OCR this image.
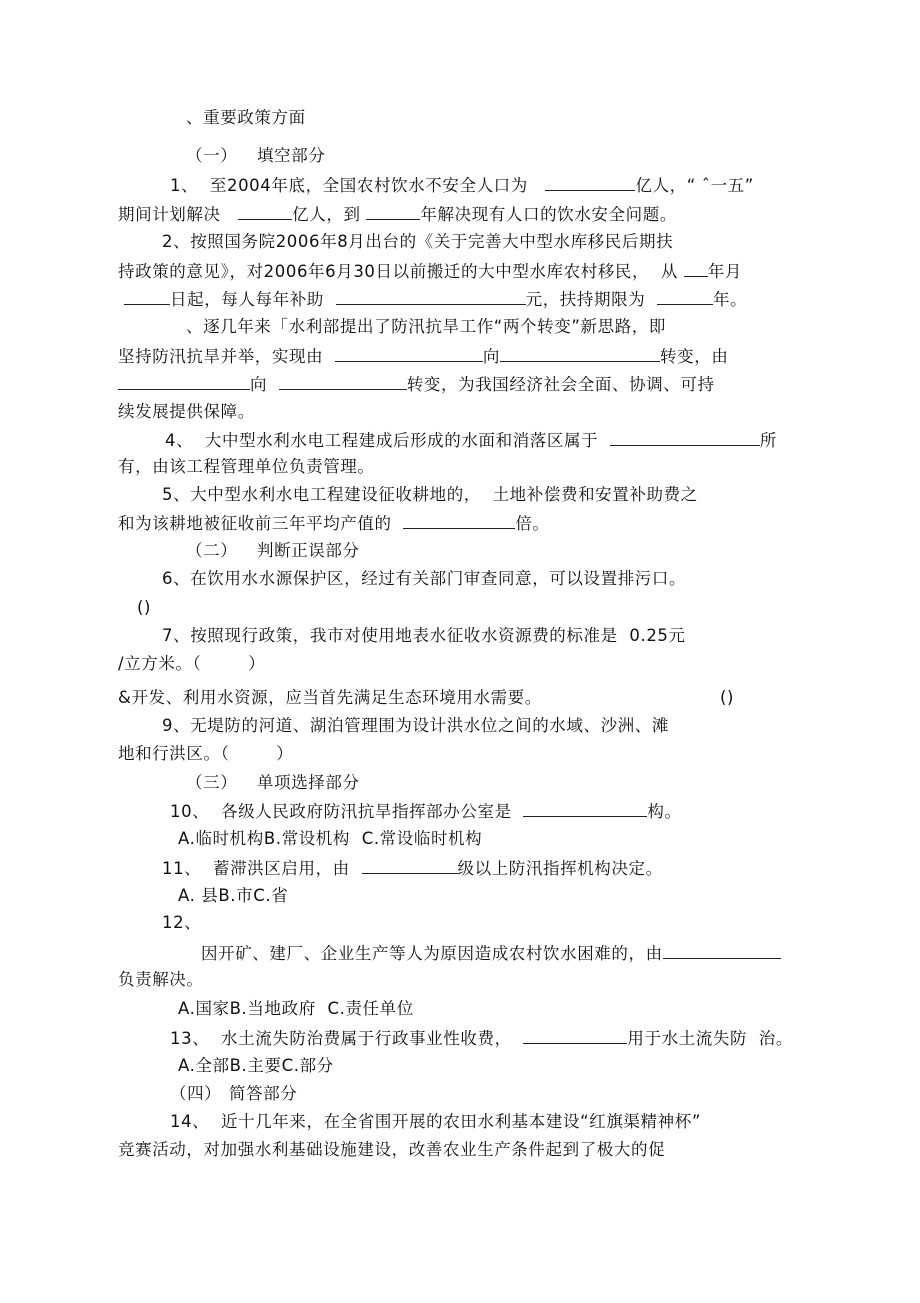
、重要政策方面
（一） 填空部分
1、  至2004年底，全国农村饮水不安全人口为	亿人，“ ˆ一五”
期间计划解决	亿人，到	年解决现有人口的饮水安全问题。
2、按照国务院2006年8月出台的《关于完善大中型水库移民后期扶
持政策的意见》，对2006年6月30日以前搬迁的大中型水库农村移民，  从 年月
日起，每人每年补助	元，扶持期限为	年。
、逐几年来「水利部提出了防汛抗旱工作“两个转变”新思路，即
坚持防汛抗旱并举，实现由	向	转变，由
向	转变，为我国经济社会全面、协调、可持
续发展提供保障。
4、  大中型水利水电工程建成后形成的水面和消落区属于	所
有，由该工程管理单位负责管理。
5、大中型水利水电工程建设征收耕地的，  土地补偿费和安置补助费之
和为该耕地被征收前三年平均产值的	倍。
（二） 判断正误部分
6、在饮用水水源保护区，经过有关部门审查同意，可以设置排污口。
()
7、按照现行政策，我市对使用地表水征收水资源费的标准是  0.25元
/立方米。（	）
&开发、利用水资源，应当首先满足生态环境用水需要。	()
9、无堤防的河道、湖泊管理围为设计洪水位之间的水域、沙洲、滩
地和行洪区。（	）
（三） 单项选择部分
10、  各级人民政府防汛抗旱指挥部办公室是	构。
A.临时机构B.常设机构  C.常设临时机构
11、  蓄滞洪区启用，由	级以上防汛指挥机构决定。
A. 县B.市C.省
12、
因开矿、建厂、企业生产等人为原因造成农村饮水困难的，由
负责解决。
A.国家B.当地政府  C.责任单位
13、  水土流失防治费属于行政事业性收费，	用于水土流失防  治。
A.全部B.主要C.部分
（四） 简答部分
14、  近十几年来，在全省围开展的农田水利基本建设“红旗渠精神杯”
竞赛活动，对加强水利基础设施建设，改善农业生产条件起到了极大的促
